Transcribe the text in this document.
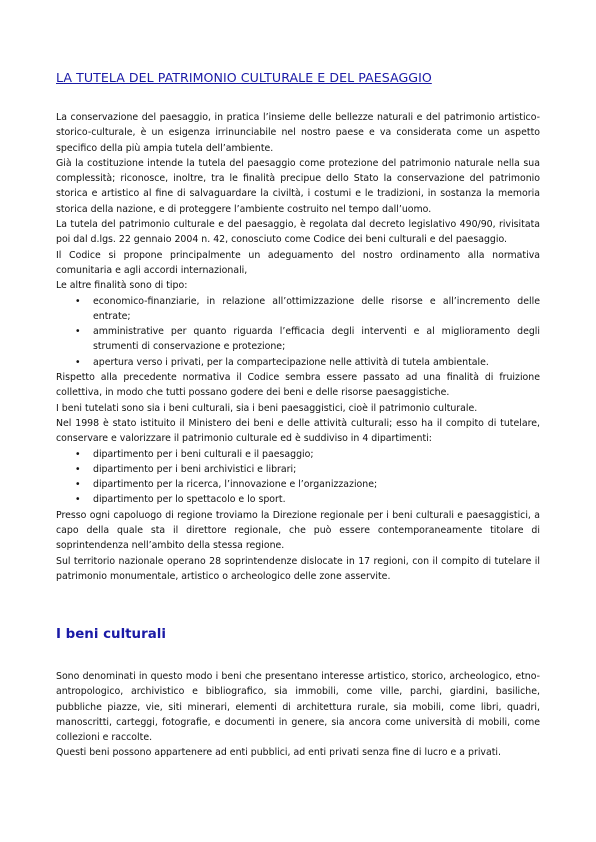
LA TUTELA DEL PATRIMONIO CULTURALE E DEL PAESAGGIO

La conservazione del paesaggio, in pratica l’insieme delle bellezze naturali e del patrimonio artistico-storico-culturale, è un esigenza irrinunciabile nel nostro paese e va considerata come un aspetto specifico della più ampia tutela dell’ambiente.

Già la costituzione intende la tutela del paesaggio come protezione del patrimonio naturale nella sua complessità; riconosce, inoltre, tra le finalità precipue dello Stato la conservazione del patrimonio storica e artistico al fine di salvaguardare la civiltà, i costumi e le tradizioni, in sostanza la memoria storica della nazione, e di proteggere l’ambiente costruito nel tempo dall’uomo.

La tutela del patrimonio culturale e del paesaggio, è regolata dal decreto legislativo 490/90, rivisitata poi dal d.lgs. 22 gennaio 2004 n. 42, conosciuto come Codice dei beni culturali e del paesaggio.

Il Codice si propone principalmente un adeguamento del nostro ordinamento alla normativa comunitaria e agli accordi internazionali,

Le altre finalità sono di tipo:

• economico-finanziarie, in relazione all’ottimizzazione delle risorse e all’incremento delle entrate;
• amministrative per quanto riguarda l’efficacia degli interventi e al miglioramento degli strumenti di conservazione e protezione;
• apertura verso i privati, per la compartecipazione nelle attività di tutela ambientale.

Rispetto alla precedente normativa il Codice sembra essere passato ad una finalità di fruizione collettiva, in modo che tutti possano godere dei beni e delle risorse paesaggistiche.

I beni tutelati sono sia i beni culturali, sia i beni paesaggistici, cioè il patrimonio culturale.

Nel 1998 è stato istituito il Ministero dei beni e delle attività culturali; esso ha il compito di tutelare, conservare e valorizzare il patrimonio culturale ed è suddiviso in 4 dipartimenti:

• dipartimento per i beni culturali e il paesaggio;
• dipartimento per i beni archivistici e librari;
• dipartimento per la ricerca, l’innovazione e l’organizzazione;
• dipartimento per lo spettacolo e lo sport.

Presso ogni capoluogo di regione troviamo la Direzione regionale per i beni culturali e paesaggistici, a capo della quale sta il direttore regionale, che può essere contemporaneamente titolare di soprintendenza nell’ambito della stessa regione.

Sul territorio nazionale operano 28 soprintendenze dislocate in 17 regioni, con il compito di tutelare il patrimonio monumentale, artistico o archeologico delle zone asservite.

I beni culturali

Sono denominati in questo modo i beni che presentano interesse artistico, storico, archeologico, etno-antropologico, archivistico e bibliografico, sia immobili, come ville, parchi, giardini, basiliche, pubbliche piazze, vie, siti minerari, elementi di architettura rurale, sia mobili, come libri, quadri, manoscritti, carteggi, fotografie, e documenti in genere, sia ancora come università di mobili, come collezioni e raccolte.

Questi beni possono appartenere ad enti pubblici, ad enti privati senza fine di lucro e a privati.
